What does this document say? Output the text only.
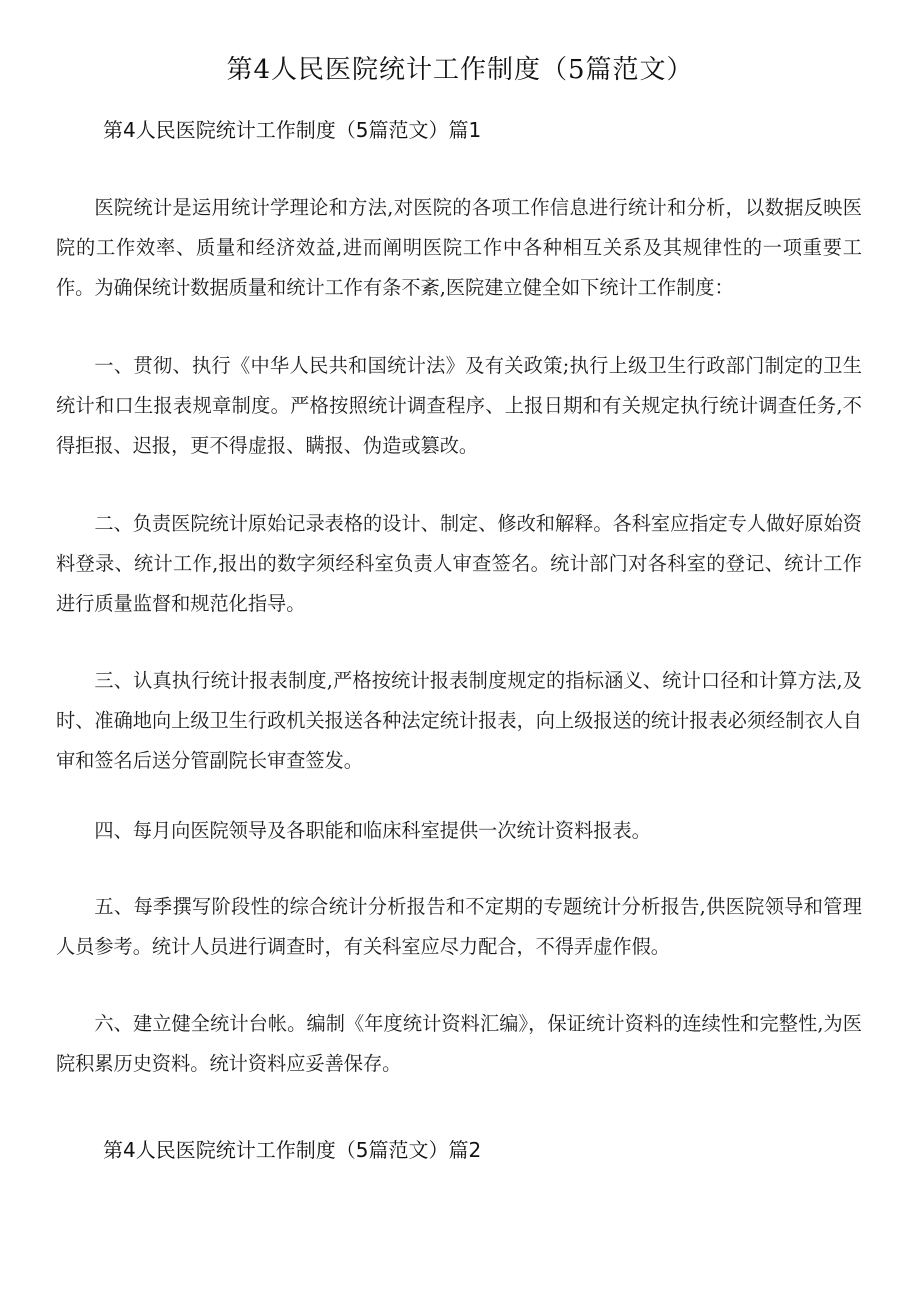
第4人民医院统计工作制度（5篇范文）
第4人民医院统计工作制度（5篇范文）篇1

医院统计是运用统计学理论和方法,对医院的各项工作信息进行统计和分析，以数据反映医院的工作效率、质量和经济效益,进而阐明医院工作中各种相互关系及其规律性的一项重要工作。为确保统计数据质量和统计工作有条不紊,医院建立健全如下统计工作制度：

一、贯彻、执行《中华人民共和国统计法》及有关政策;执行上级卫生行政部门制定的卫生统计和口生报表规章制度。严格按照统计调查程序、上报日期和有关规定执行统计调查任务,不得拒报、迟报，更不得虚报、瞒报、伪造或篡改。

二、负责医院统计原始记录表格的设计、制定、修改和解释。各科室应指定专人做好原始资料登录、统计工作,报出的数字须经科室负责人审查签名。统计部门对各科室的登记、统计工作进行质量监督和规范化指导。

三、认真执行统计报表制度,严格按统计报表制度规定的指标涵义、统计口径和计算方法,及时、准确地向上级卫生行政机关报送各种法定统计报表，向上级报送的统计报表必须经制衣人自审和签名后送分管副院长审查签发。

四、每月向医院领导及各职能和临床科室提供一次统计资料报表。

五、每季撰写阶段性的综合统计分析报告和不定期的专题统计分析报告,供医院领导和管理人员参考。统计人员进行调查时，有关科室应尽力配合，不得弄虚作假。

六、建立健全统计台帐。编制《年度统计资料汇编》，保证统计资料的连续性和完整性,为医院积累历史资料。统计资料应妥善保存。

第4人民医院统计工作制度（5篇范文）篇2
